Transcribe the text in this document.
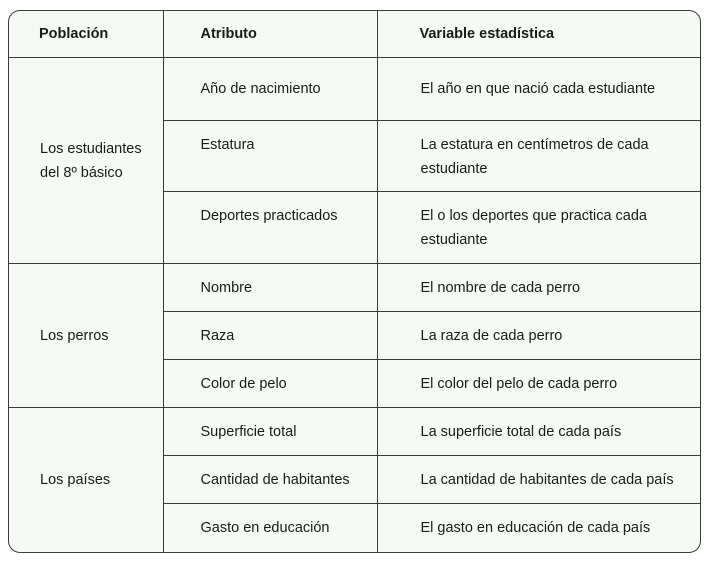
Población	Atributo	Variable estadística

Los estudiantes del 8º básico	Año de nacimiento	El año en que nació cada estudiante
	Estatura	La estatura en centímetros de cada estudiante
	Deportes practicados	El o los deportes que practica cada estudiante
Los perros	Nombre	El nombre de cada perro
	Raza	La raza de cada perro
	Color de pelo	El color del pelo de cada perro
Los países	Superficie total	La superficie total de cada país
	Cantidad de habitantes	La cantidad de habitantes de cada país
	Gasto en educación	El gasto en educación de cada país
